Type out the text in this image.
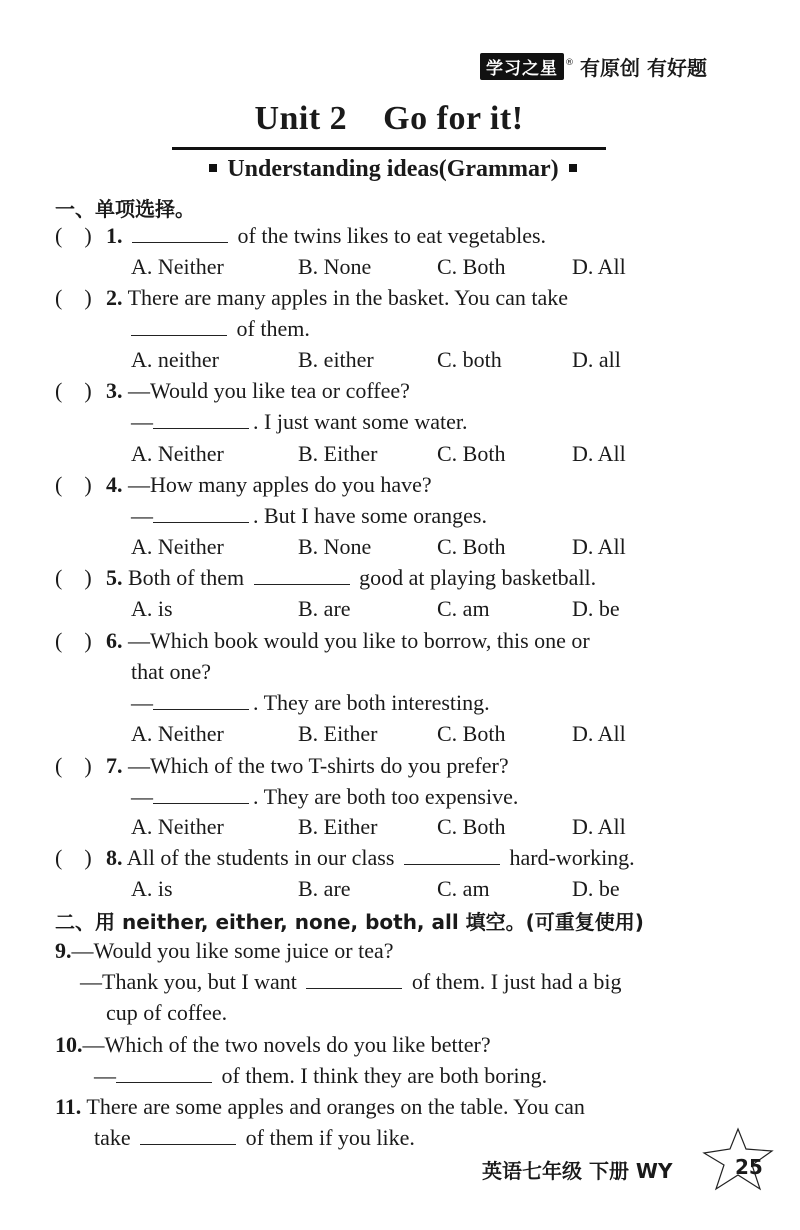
学习之星 ® 有原创 有好题
Unit 2    Go for it!
Understanding ideas(Grammar)
一、单项选择。
(    ) 1.	of the twins likes to eat vegetables.
A. Neither	B. None	C. Both	D. All
(    ) 2. There are many apples in the basket. You can take
of them.
A. neither	B. either	C. both	D. all
(    ) 3. —Would you like tea or coffee?
—	. I just want some water.
A. Neither	B. Either	C. Both	D. All
(    ) 4. —How many apples do you have?
—	. But I have some oranges.
A. Neither	B. None	C. Both	D. All
(    ) 5. Both of them	good at playing basketball.
A. is	B. are	C. am	D. be
(    ) 6. —Which book would you like to borrow, this one or
that one?
—	. They are both interesting.
A. Neither	B. Either	C. Both	D. All
(    ) 7. —Which of the two T-shirts do you prefer?
—	. They are both too expensive.
A. Neither	B. Either	C. Both	D. All
(    ) 8. All of the students in our class	hard-working.
A. is	B. are	C. am	D. be
二、用 neither, either, none, both, all 填空。(可重复使用)
9.—Would you like some juice or tea?
—Thank you, but I want	of them. I just had a big
cup of coffee.
10.—Which of the two novels do you like better?
—	of them. I think they are both boring.
11. There are some apples and oranges on the table. You can
take	of them if you like.
英语七年级 下册 WY	25
